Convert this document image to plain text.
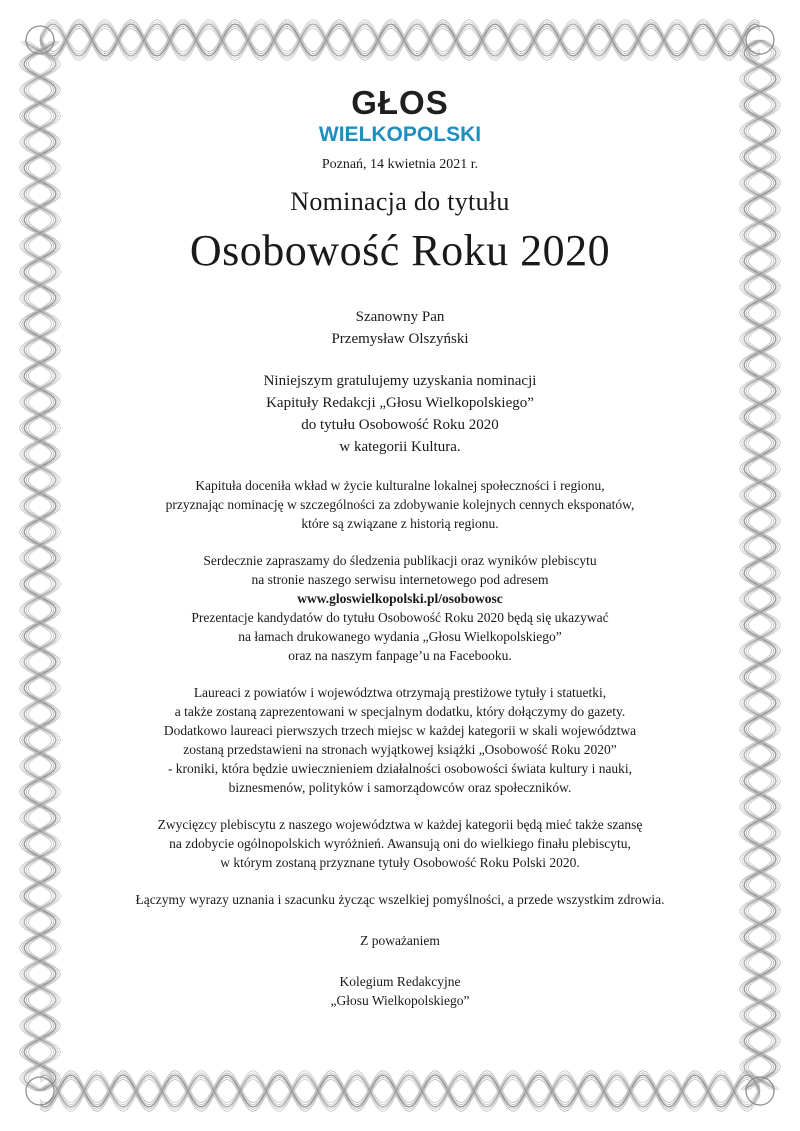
GŁOS
WIELKOPOLSKI
Poznań, 14 kwietnia 2021 r.
Nominacja do tytułu
Osobowość Roku 2020
Szanowny Pan
Przemysław Olszyński
Niniejszym gratulujemy uzyskania nominacji
Kapituły Redakcji „Głosu Wielkopolskiego”
do tytułu Osobowość Roku 2020
w kategorii Kultura.
Kapituła doceniła wkład w życie kulturalne lokalnej społeczności i regionu,
przyznając nominację w szczególności za zdobywanie kolejnych cennych eksponatów,
które są związane z historią regionu.
Serdecznie zapraszamy do śledzenia publikacji oraz wyników plebiscytu
na stronie naszego serwisu internetowego pod adresem
www.gloswielkopolski.pl/osobowosc
Prezentacje kandydatów do tytułu Osobowość Roku 2020 będą się ukazywać
na łamach drukowanego wydania „Głosu Wielkopolskiego”
oraz na naszym fanpage’u na Facebooku.
Laureaci z powiatów i województwa otrzymają prestiżowe tytuły i statuetki,
a także zostaną zaprezentowani w specjalnym dodatku, który dołączymy do gazety.
Dodatkowo laureaci pierwszych trzech miejsc w każdej kategorii w skali województwa
zostaną przedstawieni na stronach wyjątkowej książki „Osobowość Roku 2020”
- kroniki, która będzie uwiecznieniem działalności osobowości świata kultury i nauki,
biznesmenów, polityków i samorządowców oraz społeczników.
Zwycięzcy plebiscytu z naszego województwa w każdej kategorii będą mieć także szansę
na zdobycie ogólnopolskich wyróżnień. Awansują oni do wielkiego finału plebiscytu,
w którym zostaną przyznane tytuły Osobowość Roku Polski 2020.
Łączymy wyrazy uznania i szacunku życząc wszelkiej pomyślności, a przede wszystkim zdrowia.
Z poważaniem
Kolegium Redakcyjne
„Głosu Wielkopolskiego”
